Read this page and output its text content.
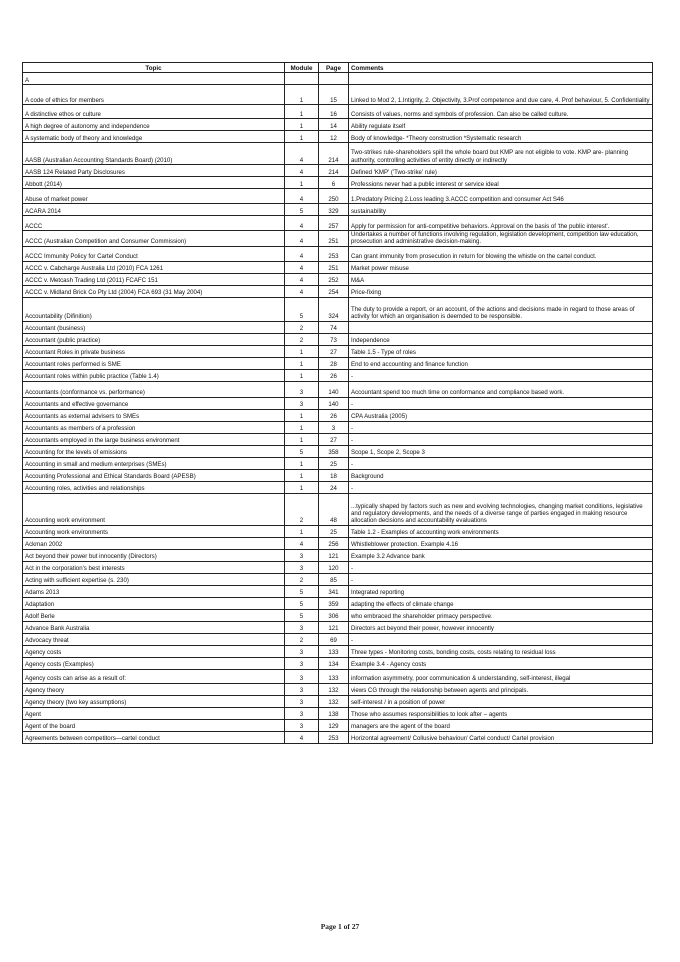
Topic	Module	Page	Comments
A			
A code of ethics for members	1	15	Linked to Mod 2, 1.Intigrity, 2. Objectivity, 3.Prof competence and due care, 4. Prof behaviour, 5. Confidentiality
A distinctive ethos or culture	1	16	Consists of values, norms and symbols of profession. Can also be called culture.
A high degree of autonomy and independence	1	14	Ability regulate itself
A systematic body of theory and knowledge	1	12	Body of knowledge- *Theory construction *Systematic research
AASB (Australian Accounting Standards Board) (2010)	4	214	Two-strikes rule-shareholders spill the whole board but KMP are not eligible to vote. KMP are- planning authority, controlling activities of entity directly or indirectly
AASB 124 Related Party Disclosures	4	214	Defined 'KMP' ('Two-strike' rule)
Abbott (2014)	1	6	Professions never had a public interest or service ideal
Abuse of market power	4	250	1.Predatory Pricing 2.Loss leading 3.ACCC competition and consumer Act S46
ACARA 2014	5	329	sustainability
ACCC	4	257	Apply for permission for anti-competitive behaviors. Approval on the basis of 'the public interest'.
ACCC (Australian Competition and Consumer Commission)	4	251	Undertakes a number of functions involving regulation, legislation development, competition law education, prosecution and administrative decision-making.
ACCC Immunity Policy for Cartel Conduct	4	253	Can grant immunity from prosecution in return for blowing the whistle on the cartel conduct.
ACCC v. Cabcharge Australia Ltd (2010) FCA 1261	4	251	Market power misuse
ACCC v. Metcash Trading Ltd (2011) FCAFC 151	4	252	M&A
ACCC v. Midland Brick Co Pty Ltd (2004) FCA 693 (31 May 2004)	4	254	Price-fixing
Accountability (Difinition)	5	324	The duty to provide a report, or an account, of the actions and decisions made in regard to those areas of activity for which an organisation is deemded to be responsible.
Accountant (business)	2	74	
Accountant (public practice)	2	73	Independence
Accountant Roles in private business	1	27	Table 1.5 - Type of roles
Accountant roles performed is SME	1	28	End to end accounting and finance function
Accountant roles within public practice (Table 1.4)	1	26	-
Accountants (conformance vs. performance)	3	140	Accountant spend too much time on conformance and compliance based work.
Accountants and effective governance	3	140	-
Accountants as external advisers to SMEs	1	26	CPA Australia (2005)
Accountants as members of a profession	1	3	-
Accountants employed in the large business environment	1	27	-
Accounting for the levels of emissions	5	358	Scope 1, Scope 2, Scope 3
Accounting in small and medium enterprises (SMEs)	1	25	-
Accounting Professional and Ethical Standards Board (APESB)	1	18	Background
Accounting roles, activities and relationships	1	24	-
Accounting work environment	2	48	...typically shaped by factors such as new and evolving technologies, changing market conditions, legislative and regulatory developments, and the needs of a diverse range of parties engaged in making resource allocation decisions and accountability evaluations
Accounting work environments	1	25	Table 1.2 - Examples of accounting work environments
Ackman 2002	4	256	Whistleblower protection. Example 4.16
Act beyond their power but innocently (Directors)	3	121	Example 3.2 Advance bank
Act in the corporation's best interests	3	120	-
Acting with sufficient expertise (s. 230)	2	85	-
Adams 2013	5	341	Integrated reporting
Adaptation	5	359	adapting the effects of climate change
Adolf Berle	5	306	who embraced the shareholder primacy perspective.
Advance Bank Australia	3	121	Directors act beyond their power, however innocently
Advocacy threat	2	69	-
Agency costs	3	133	Three types - Monitoring costs, bonding costs, costs relating to residual loss
Agency costs (Examples)	3	134	Example 3.4 - Agency costs
Agency costs can arise as a result of:	3	133	information asymmetry, poor communication & understanding, self-interest, illegal
Agency theory	3	132	views CG through the relationship between agents and principals.
Agency theory (two key assumptions)	3	132	self-interest / in a position of power
Agent	3	138	Those who assumes responsibilities to look after – agents
Agent of the board	3	129	managers are the agent of the board
Agreements between competitors—cartel conduct	4	253	Horizontal agreement/ Collusive behaviour/ Cartel conduct/ Cartel provision
Page 1 of 27
